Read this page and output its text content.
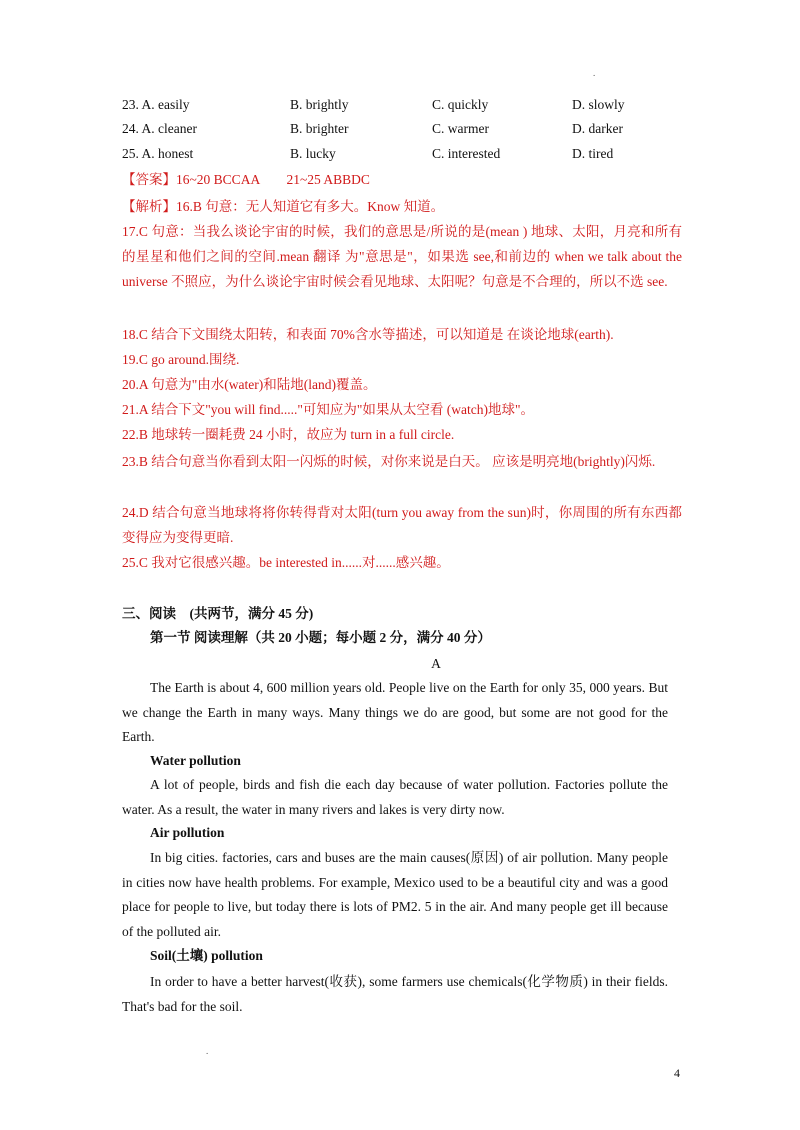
.
23. A. easily	B. brightly	C. quickly	D. slowly
24. A. cleaner	B. brighter	C. warmer	D. darker
25. A. honest	B. lucky	C. interested	D. tired
【答案】16~20 BCCAA　　21~25 ABBDC
【解析】16.B 句意：无人知道它有多大。Know 知道。
17.C 句意：当我么谈论宇宙的时候，我们的意思是/所说的是(mean ) 地球、太阳，月亮和所有的星星和他们之间的空间.mean 翻译 为"意思是"，如果选 see,和前边的 when we talk about the universe 不照应，为什么谈论宇宙时候会看见地球、太阳呢？句意是不合理的，所以不选 see.
18.C 结合下文围绕太阳转，和表面 70%含水等描述，可以知道是 在谈论地球(earth).
19.C go around.围绕.
20.A 句意为"由水(water)和陆地(land)覆盖。
21.A 结合下文"you will find....."可知应为"如果从太空看 (watch)地球"。
22.B 地球转一圈耗费 24 小时，故应为 turn in a full circle.
23.B 结合句意当你看到太阳一闪烁的时候，对你来说是白天。 应该是明亮地(brightly)闪烁.
24.D 结合句意当地球将将你转得背对太阳(turn you away from the sun)时，你周围的所有东西都变得应为变得更暗.
25.C 我对它很感兴趣。be interested in......对......感兴趣。
三、阅读　(共两节，满分 45 分)
第一节 阅读理解（共 20 小题；每小题 2 分，满分 40 分）
A
The Earth is about 4, 600 million years old. People live on the Earth for only 35, 000 years. But we change the Earth in many ways. Many things we do are good, but some are not good for the Earth.
Water pollution
A lot of people, birds and fish die each day because of water pollution. Factories pollute the water. As a result, the water in many rivers and lakes is very dirty now.
Air pollution
In big cities. factories, cars and buses are the main causes(原因) of air pollution. Many people in cities now have health problems. For example, Mexico used to be a beautiful city and was a good place for people to live, but today there is lots of PM2. 5 in the air. And many people get ill because of the polluted air.
Soil(土壤) pollution
In order to have a better harvest(收获), some farmers use chemicals(化学物质) in their fields. That's bad for the soil.
.
4
